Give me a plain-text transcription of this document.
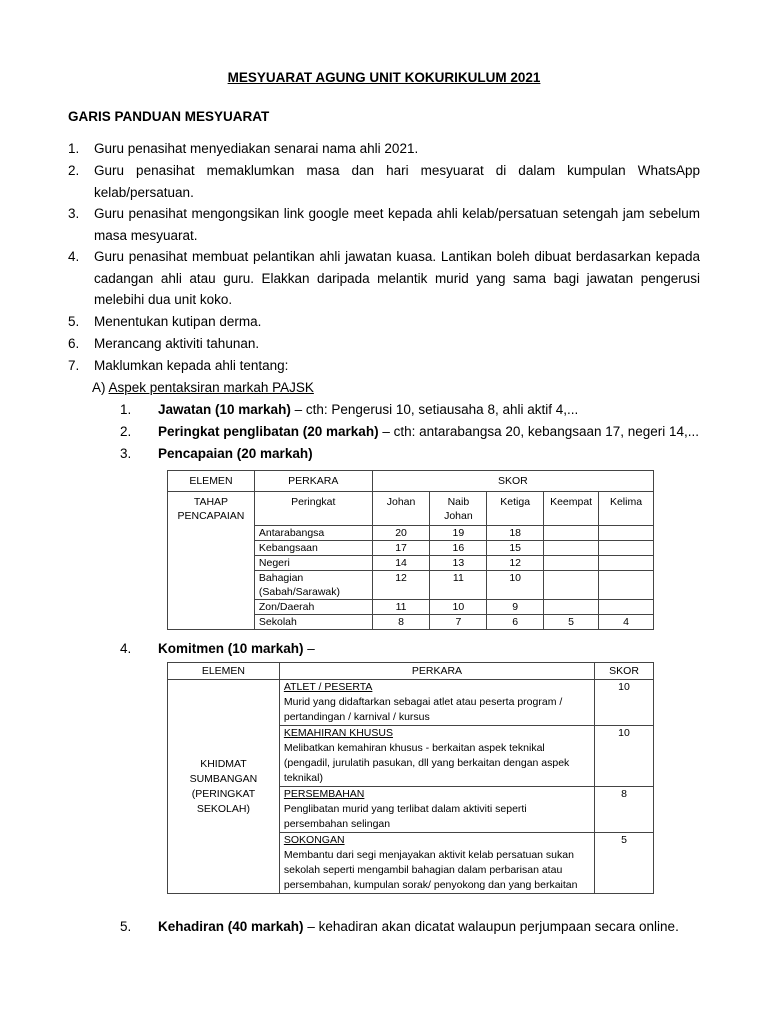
MESYUARAT AGUNG UNIT KOKURIKULUM 2021
GARIS PANDUAN MESYUARAT
1. Guru penasihat menyediakan senarai nama ahli 2021.
2. Guru penasihat memaklumkan masa dan hari mesyuarat di dalam kumpulan WhatsApp kelab/persatuan.
3. Guru penasihat mengongsikan link google meet kepada ahli kelab/persatuan setengah jam sebelum masa mesyuarat.
4. Guru penasihat membuat pelantikan ahli jawatan kuasa. Lantikan boleh dibuat berdasarkan kepada cadangan ahli atau guru. Elakkan daripada melantik murid yang sama bagi jawatan pengerusi melebihi dua unit koko.
5. Menentukan kutipan derma.
6. Merancang aktiviti tahunan.
7. Maklumkan kepada ahli tentang:
A) Aspek pentaksiran markah PAJSK
1. Jawatan (10 markah) – cth: Pengerusi 10, setiausaha 8, ahli aktif 4,...
2. Peringkat penglibatan (20 markah) – cth: antarabangsa 20, kebangsaan 17, negeri 14,...
3. Pencapaian (20 markah)
ELEMEN	PERKARA	SKOR				
TAHAP PENCAPAIAN	Peringkat	Johan	Naib Johan	Ketiga	Keempat	Kelima
	Antarabangsa	20	19	18		
	Kebangsaan	17	16	15		
	Negeri	14	13	12		
	Bahagian (Sabah/Sarawak)	12	11	10		
	Zon/Daerah	11	10	9		
	Sekolah	8	7	6	5	4
4. Komitmen (10 markah) –
ELEMEN	PERKARA	SKOR
KHIDMAT SUMBANGAN (PERINGKAT SEKOLAH)	ATLET / PESERTA
Murid yang didaftarkan sebagai atlet atau peserta program / pertandingan / karnival / kursus	10

	KEMAHIRAN KHUSUS
Melibatkan kemahiran khusus - berkaitan aspek teknikal (pengadil, jurulatih pasukan, dll yang berkaitan dengan aspek teknikal)	10

	PERSEMBAHAN
Penglibatan murid yang terlibat dalam aktiviti seperti persembahan selingan	8

	SOKONGAN
Membantu dari segi menjayakan aktivit kelab persatuan sukan sekolah seperti mengambil bahagian dalam perbarisan atau persembahan, kumpulan sorak/ penyokong dan yang berkaitan	5
5. Kehadiran (40 markah) – kehadiran akan dicatat walaupun perjumpaan secara online.
